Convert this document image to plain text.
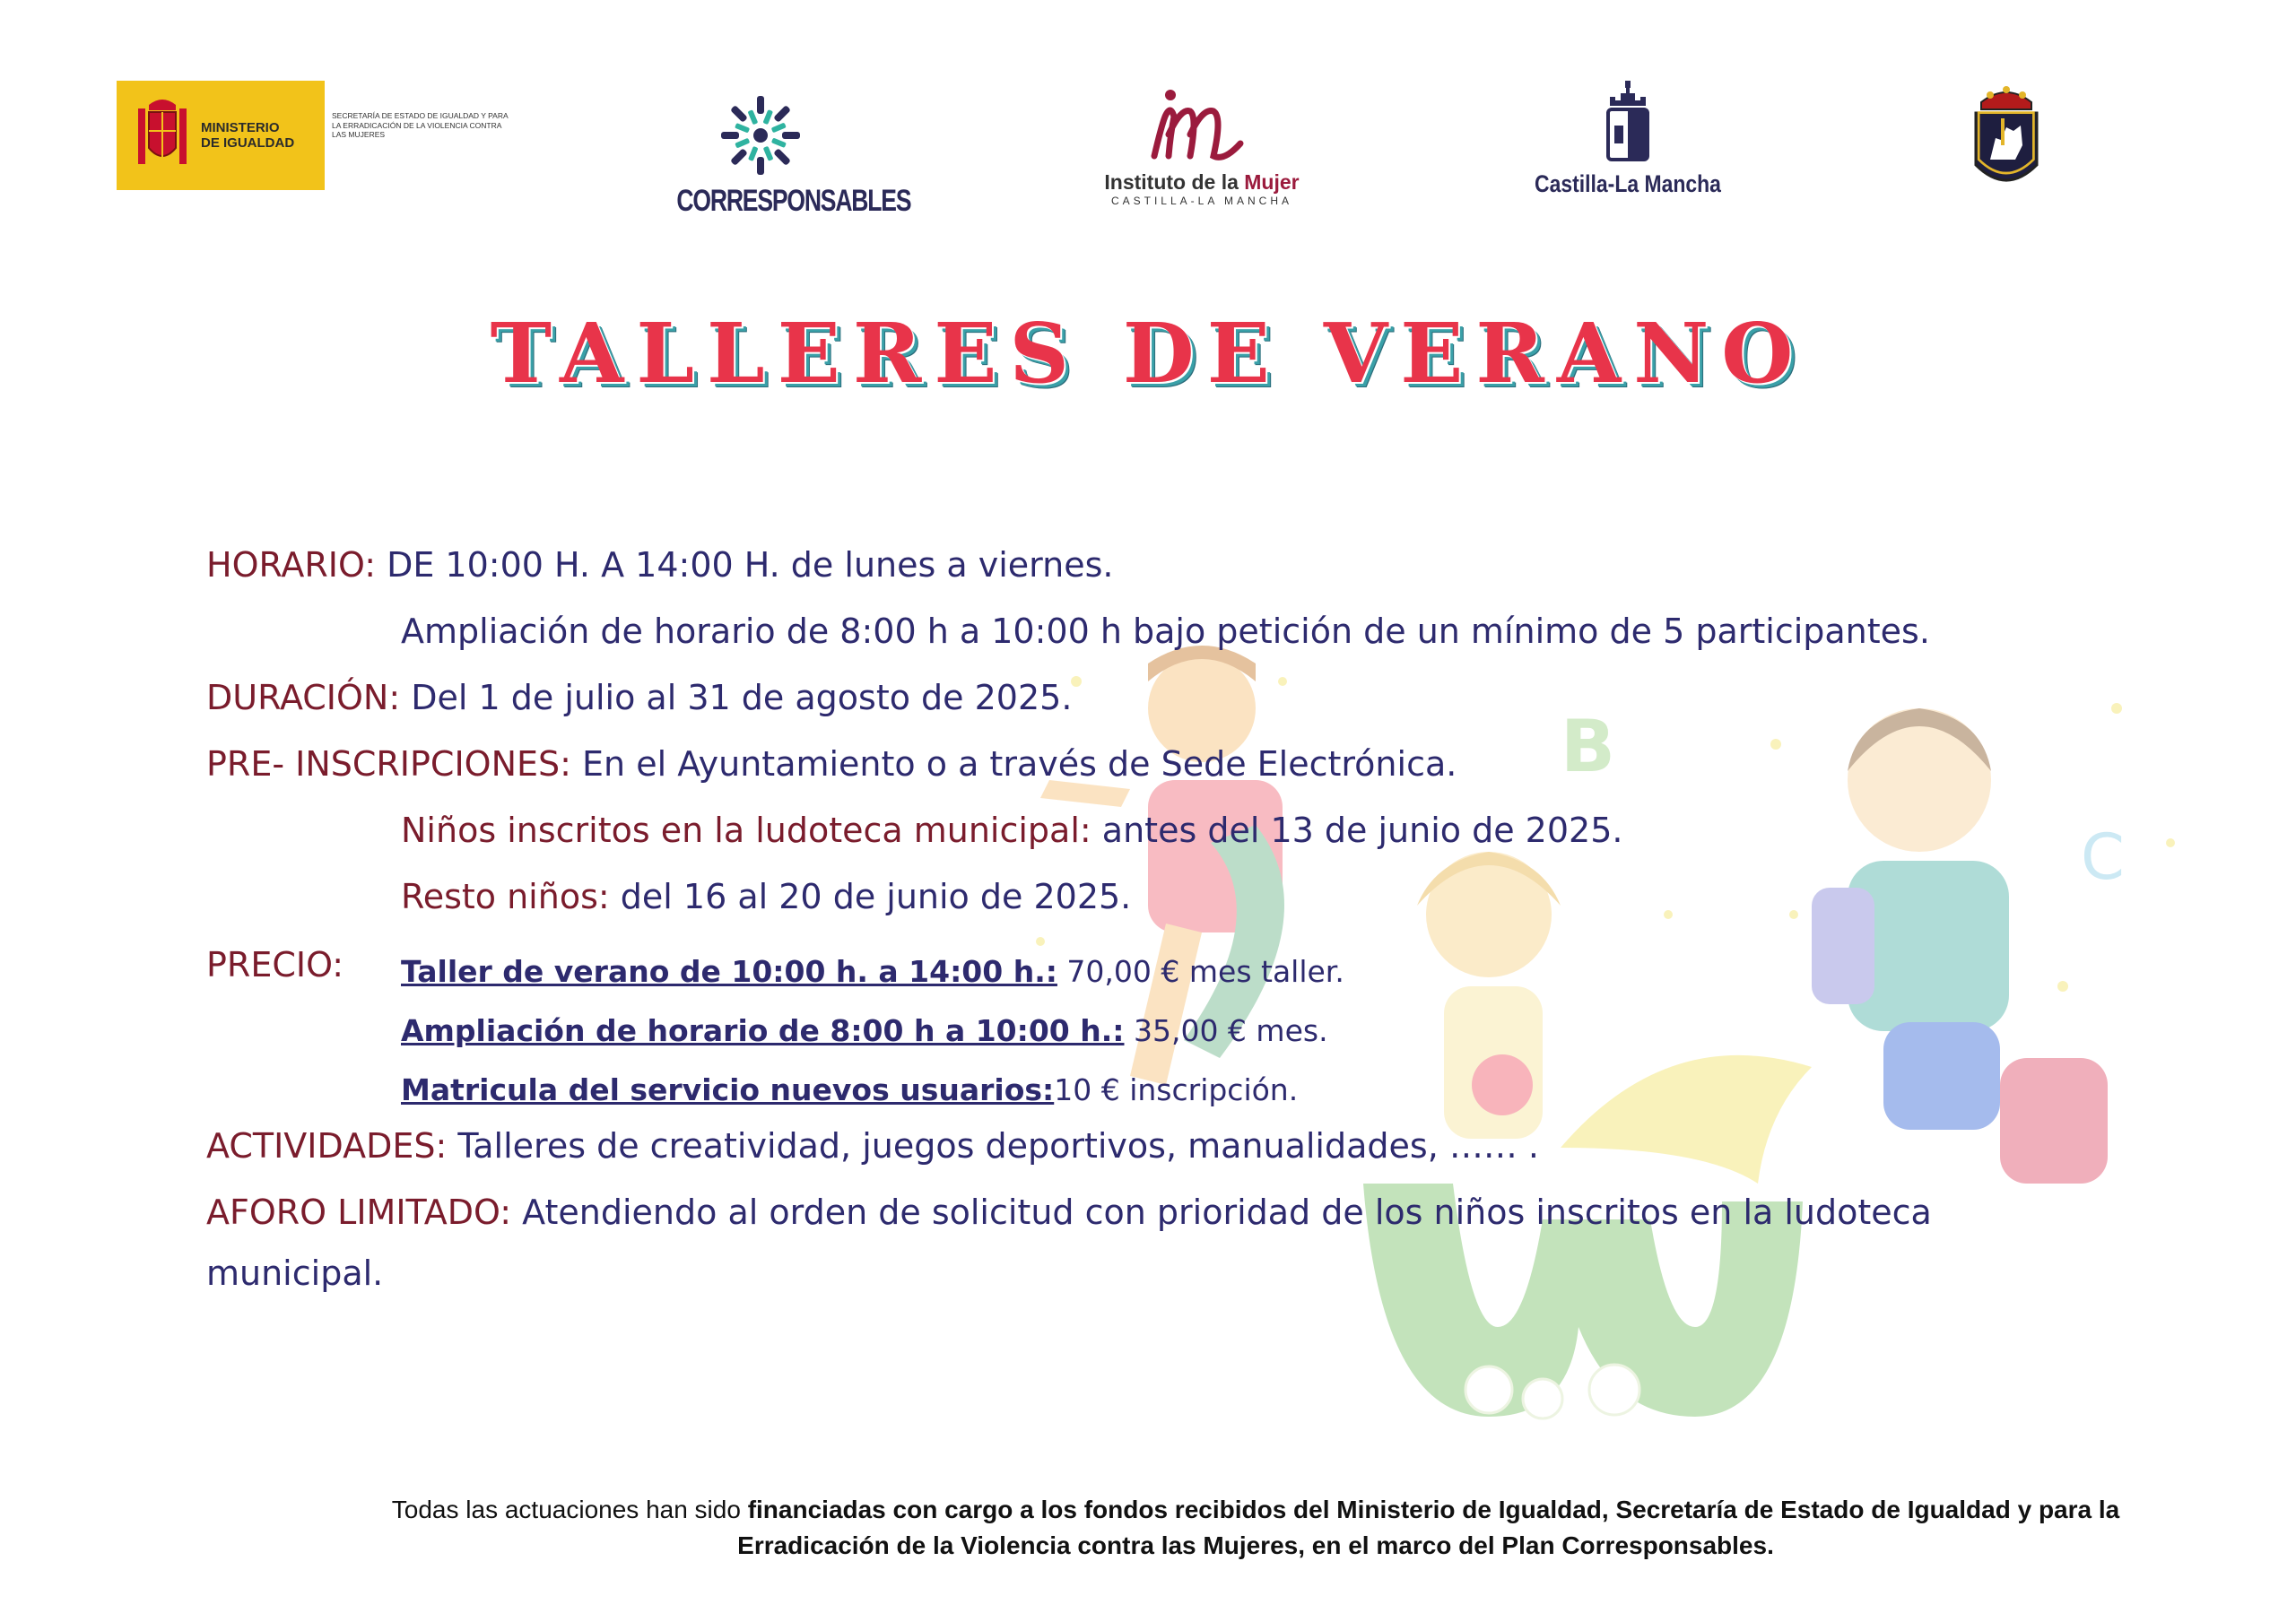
MINISTERIO
DE IGUALDAD
SECRETARÍA DE ESTADO DE IGUALDAD Y PARA LA ERRADICACIÓN DE LA VIOLENCIA CONTRA LAS MUJERES
CORRESPONSABLES
Instituto de la Mujer
CASTILLA-LA MANCHA
Castilla-La Mancha
TALLERES DE VERANO
B
C
HORARIO: DE 10:00 H. A 14:00 H. de lunes a viernes.
Ampliación de horario de 8:00 h a 10:00 h bajo petición de un mínimo de 5 participantes.
DURACIÓN: Del 1 de julio al 31 de agosto de 2025.
PRE- INSCRIPCIONES: En el Ayuntamiento o a través de Sede Electrónica.
Niños inscritos en la ludoteca municipal: antes del 13 de junio de 2025.
Resto niños: del 16 al 20 de junio de 2025.
PRECIO: Taller de verano de 10:00 h. a 14:00 h.: 70,00 € mes taller.
Ampliación de horario de 8:00 h a 10:00 h.: 35,00 € mes.
Matricula del servicio nuevos usuarios:10 € inscripción.
ACTIVIDADES: Talleres de creatividad, juegos deportivos, manualidades, …… .
AFORO LIMITADO: Atendiendo al orden de solicitud con prioridad de los niños inscritos en la ludoteca
municipal.
Todas las actuaciones han sido financiadas con cargo a los fondos recibidos del Ministerio de Igualdad, Secretaría de Estado de Igualdad y para la Erradicación de la Violencia contra las Mujeres, en el marco del Plan Corresponsables.
